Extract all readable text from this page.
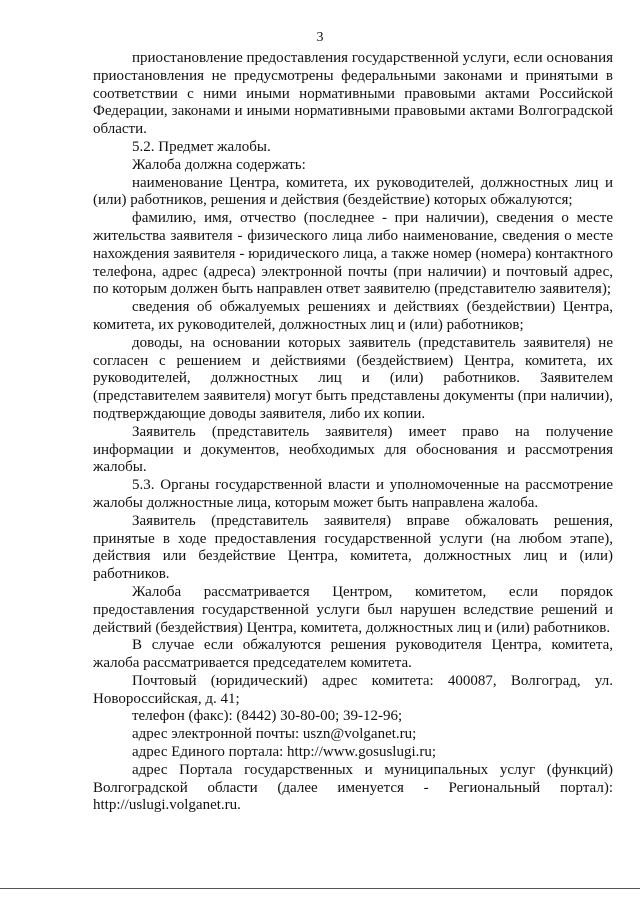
3

приостановление предоставления государственной услуги, если основания приостановления не предусмотрены федеральными законами и принятыми в соответствии с ними иными нормативными правовыми актами Российской Федерации, законами и иными нормативными правовыми актами Волгоградской области.

5.2. Предмет жалобы.

Жалоба должна содержать:

наименование Центра, комитета, их руководителей, должностных лиц и (или) работников, решения и действия (бездействие) которых обжалуются;

фамилию, имя, отчество (последнее - при наличии), сведения о месте жительства заявителя - физического лица либо наименование, сведения о месте нахождения заявителя - юридического лица, а также номер (номера) контактного телефона, адрес (адреса) электронной почты (при наличии) и почтовый адрес, по которым должен быть направлен ответ заявителю (представителю заявителя);

сведения об обжалуемых решениях и действиях (бездействии) Центра, комитета, их руководителей, должностных лиц и (или) работников;

доводы, на основании которых заявитель (представитель заявителя) не согласен с решением и действиями (бездействием) Центра, комитета, их руководителей, должностных лиц и (или) работников. Заявителем (представителем заявителя) могут быть представлены документы (при наличии), подтверждающие доводы заявителя, либо их копии.

Заявитель (представитель заявителя) имеет право на получение информации и документов, необходимых для обоснования и рассмотрения жалобы.

5.3. Органы государственной власти и уполномоченные на рассмотрение жалобы должностные лица, которым может быть направлена жалоба.

Заявитель (представитель заявителя) вправе обжаловать решения, принятые в ходе предоставления государственной услуги (на любом этапе), действия или бездействие Центра, комитета, должностных лиц и (или) работников.

Жалоба рассматривается Центром, комитетом, если порядок предоставления государственной услуги был нарушен вследствие решений и действий (бездействия) Центра, комитета, должностных лиц и (или) работников.

В случае если обжалуются решения руководителя Центра, комитета, жалоба рассматривается председателем комитета.

Почтовый (юридический) адрес комитета: 400087, Волгоград, ул. Новороссийская, д. 41;

телефон (факс): (8442) 30-80-00; 39-12-96;

адрес электронной почты: uszn@volganet.ru;

адрес Единого портала: http://www.gosuslugi.ru;

адрес Портала государственных и муниципальных услуг (функций) Волгоградской области (далее именуется - Региональный портал): http://uslugi.volganet.ru.
